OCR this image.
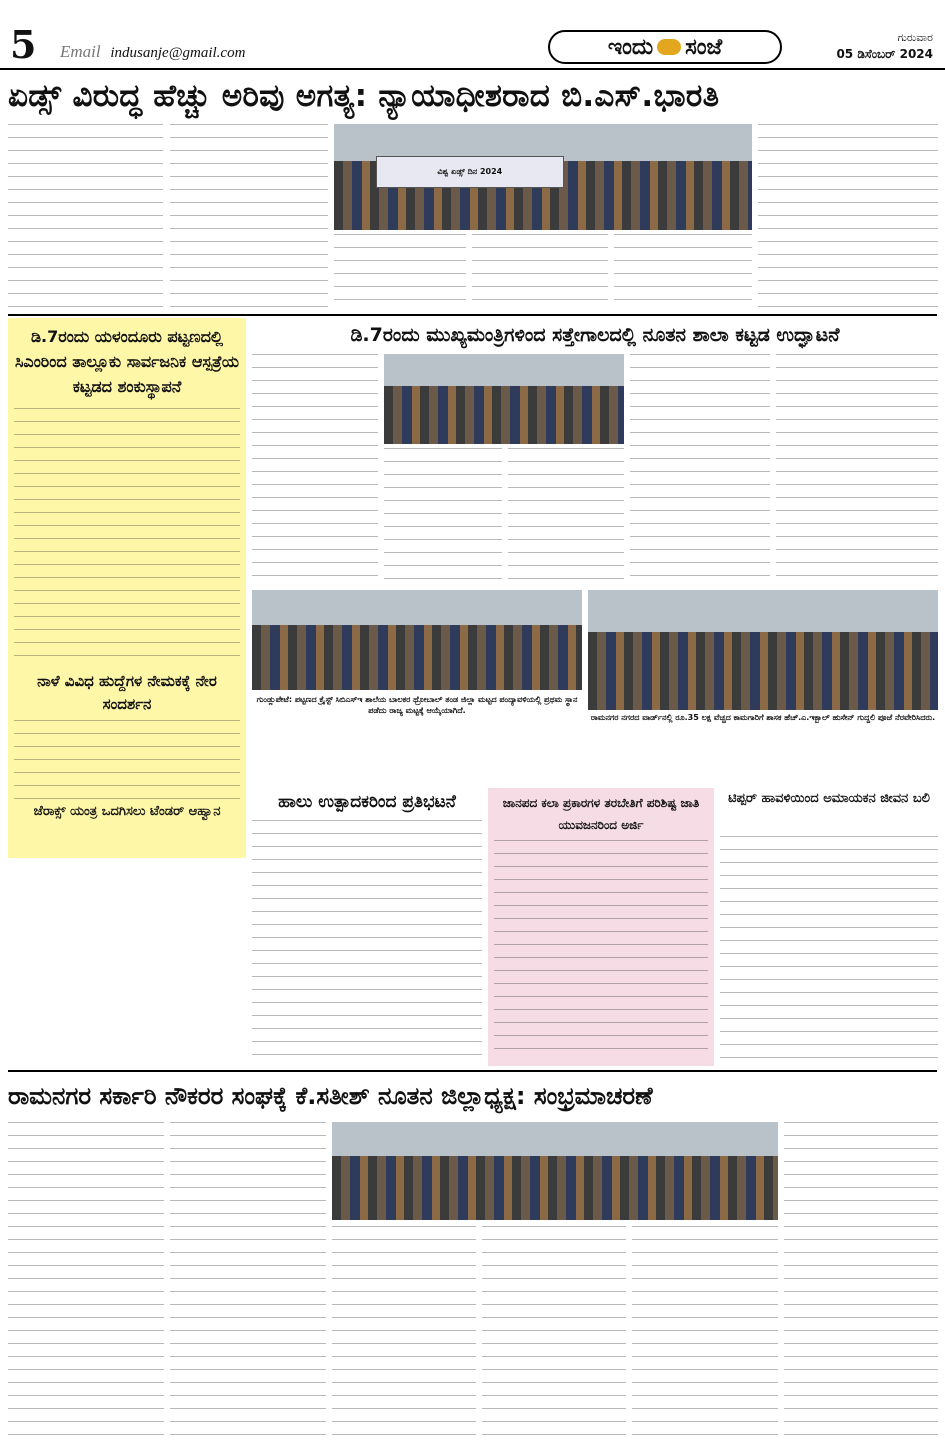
5 Email indusanje@gmail.com	ಇಂದು ಸಂಜೆ	ಗುರುವಾರ
05 ಡಿಸೆಂಬರ್ 2024
ಏಡ್ಸ್ ವಿರುದ್ಧ ಹೆಚ್ಚು ಅರಿವು ಅಗತ್ಯ: ನ್ಯಾಯಾಧೀಶರಾದ ಬಿ.ಎಸ್.ಭಾರತಿ
ವಿಶ್ವ ಏಡ್ಸ್ ದಿನ 2024
ಡಿ.7ರಂದು ಯಳಂದೂರು ಪಟ್ಟಣದಲ್ಲಿ ಸಿಎಂರಿಂದ ತಾಲ್ಲೂಕು ಸಾರ್ವಜನಿಕ ಆಸ್ಪತ್ರೆಯ ಕಟ್ಟಡದ ಶಂಕುಸ್ಥಾಪನೆ
ನಾಳೆ ವಿವಿಧ ಹುದ್ದೆಗಳ ನೇಮಕಕ್ಕೆ ನೇರ ಸಂದರ್ಶನ
ಜೆರಾಕ್ಸ್ ಯಂತ್ರ ಒದಗಿಸಲು ಟೆಂಡರ್ ಆಹ್ವಾನ
ಡಿ.7ರಂದು ಮುಖ್ಯಮಂತ್ರಿಗಳಿಂದ ಸತ್ತೇಗಾಲದಲ್ಲಿ ನೂತನ ಶಾಲಾ ಕಟ್ಟಡ ಉದ್ಘಾಟನೆ
ಗುಂಡ್ಲುಪೇಟೆ: ಪಟ್ಟಣದ ಕ್ರೈಸ್ಟ್ ಸಿಬಿಎಸ್ಇ ಶಾಲೆಯ ಬಾಲಕರ ಥ್ರೋಬಾಲ್ ತಂಡ ಜಿಲ್ಲಾ ಮಟ್ಟದ ಪಂದ್ಯಾವಳಿಯಲ್ಲಿ ಪ್ರಥಮ ಸ್ಥಾನ ಪಡೆದು ರಾಜ್ಯ ಮಟ್ಟಕ್ಕೆ ಆಯ್ಕೆಯಾಗಿದೆ.
ರಾಮನಗರ ನಗರದ ವಾರ್ಡ್‌ನಲ್ಲಿ ರೂ.35 ಲಕ್ಷ ವೆಚ್ಚದ ಕಾಮಗಾರಿಗೆ ಶಾಸಕ ಹೆಚ್.ಎ.ಇಕ್ಬಾಲ್ ಹುಸೇನ್ ಗುದ್ದಲಿ ಪೂಜೆ ನೆರವೇರಿಸಿದರು.
ಹಾಲು ಉತ್ಪಾದಕರಿಂದ ಪ್ರತಿಭಟನೆ	ಜಾನಪದ ಕಲಾ ಪ್ರಕಾರಗಳ ತರಬೇತಿಗೆ ಪರಿಶಿಷ್ಟ ಜಾತಿ ಯುವಜನರಿಂದ ಅರ್ಜಿ
ಟಿಪ್ಪರ್ ಹಾವಳಿಯಿಂದ ಅಮಾಯಕನ ಜೀವನ ಬಲಿ
ರಾಮನಗರ ಸರ್ಕಾರಿ ನೌಕರರ ಸಂಘಕ್ಕೆ ಕೆ.ಸತೀಶ್ ನೂತನ ಜಿಲ್ಲಾಧ್ಯಕ್ಷ: ಸಂಭ್ರಮಾಚರಣೆ
